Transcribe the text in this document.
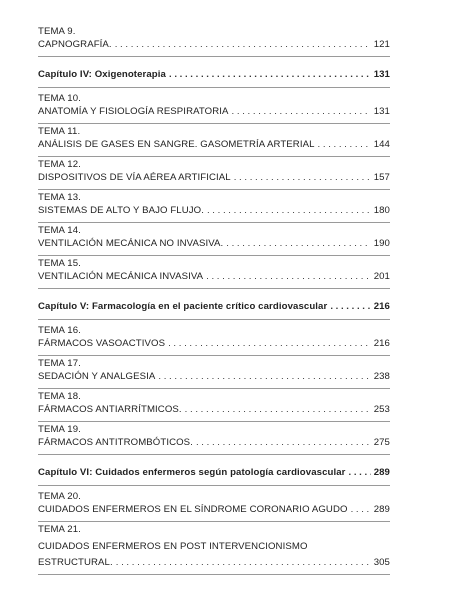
TEMA 9.
CAPNOGRAFÍA. . . .	121
Capítulo IV: Oxigenoterapia . . .	131
TEMA 10.
ANATOMÍA Y FISIOLOGÍA RESPIRATORIA . . .	131
TEMA 11.
ANÁLISIS DE GASES EN SANGRE. GASOMETRÍA ARTERIAL . . .	144
TEMA 12.
DISPOSITIVOS DE VÍA AÉREA ARTIFICIAL . . .	157
TEMA 13.
SISTEMAS DE ALTO Y BAJO FLUJO. . . .	180
TEMA 14.
VENTILACIÓN MECÁNICA NO INVASIVA. . . .	190
TEMA 15.
VENTILACIÓN MECÁNICA INVASIVA . . .	201
Capítulo V: Farmacología en el paciente crítico cardiovascular . . .	216
TEMA 16.
FÁRMACOS VASOACTIVOS . . .	216
TEMA 17.
SEDACIÓN Y ANALGESIA . . .	238
TEMA 18.
FÁRMACOS ANTIARRÍTMICOS. . . .	253
TEMA 19.
FÁRMACOS ANTITROMBÓTICOS. . . .	275
Capítulo VI: Cuidados enfermeros según patología cardiovascular . . .	289
TEMA 20.
CUIDADOS ENFERMEROS EN EL SÍNDROME CORONARIO AGUDO . . .	289
TEMA 21.
CUIDADOS ENFERMEROS EN POST INTERVENCIONISMO
ESTRUCTURAL. . . .	305
